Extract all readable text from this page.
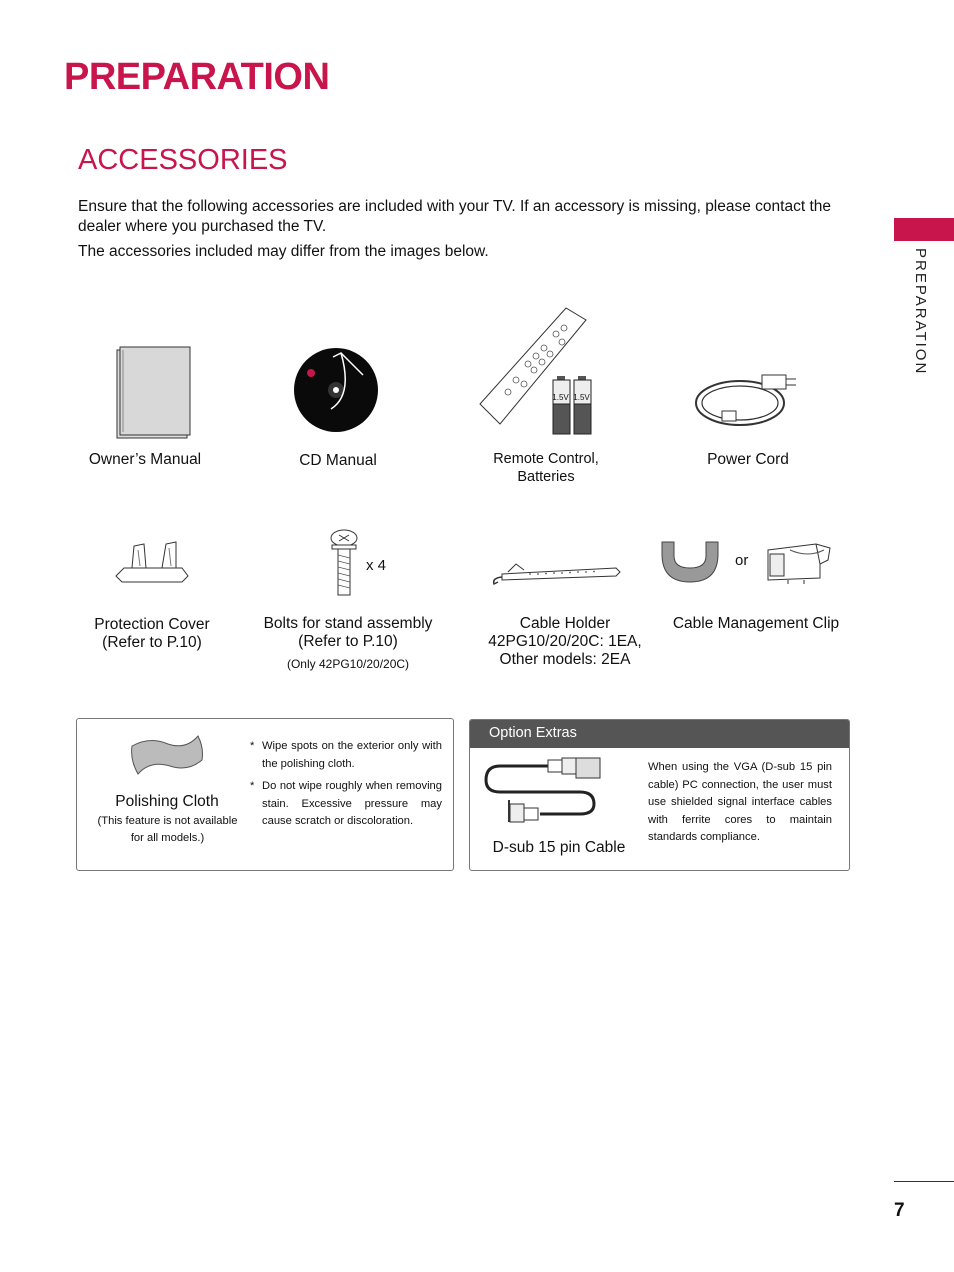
PREPARATION
ACCESSORIES
Ensure that the following accessories are included with your TV. If an accessory is missing, please contact the
dealer where you purchased the TV.
The accessories included may differ from the images below.	PREPARATION
Owner’s Manual	CD Manual
1.5V 1.5V
Remote Control,
Batteries
Power Cord
Protection Cover
(Refer to P.10)
x 4
Bolts for stand assembly
(Refer to P.10)
(Only 42PG10/20/20C)
Cable Holder
42PG10/20/20C: 1EA,
Other models: 2EA
or
Cable Management Clip
Polishing Cloth
(This feature is not available
for all models.)
* Wipe spots on the exterior only with the polishing cloth.
* Do not wipe roughly when removing stain. Excessive pressure may cause scratch or discoloration.
Option Extras
D-sub 15 pin Cable
When using the VGA (D-sub 15 pin cable) PC connection, the user must use shielded signal interface cables with ferrite cores to maintain standards compliance.
7
